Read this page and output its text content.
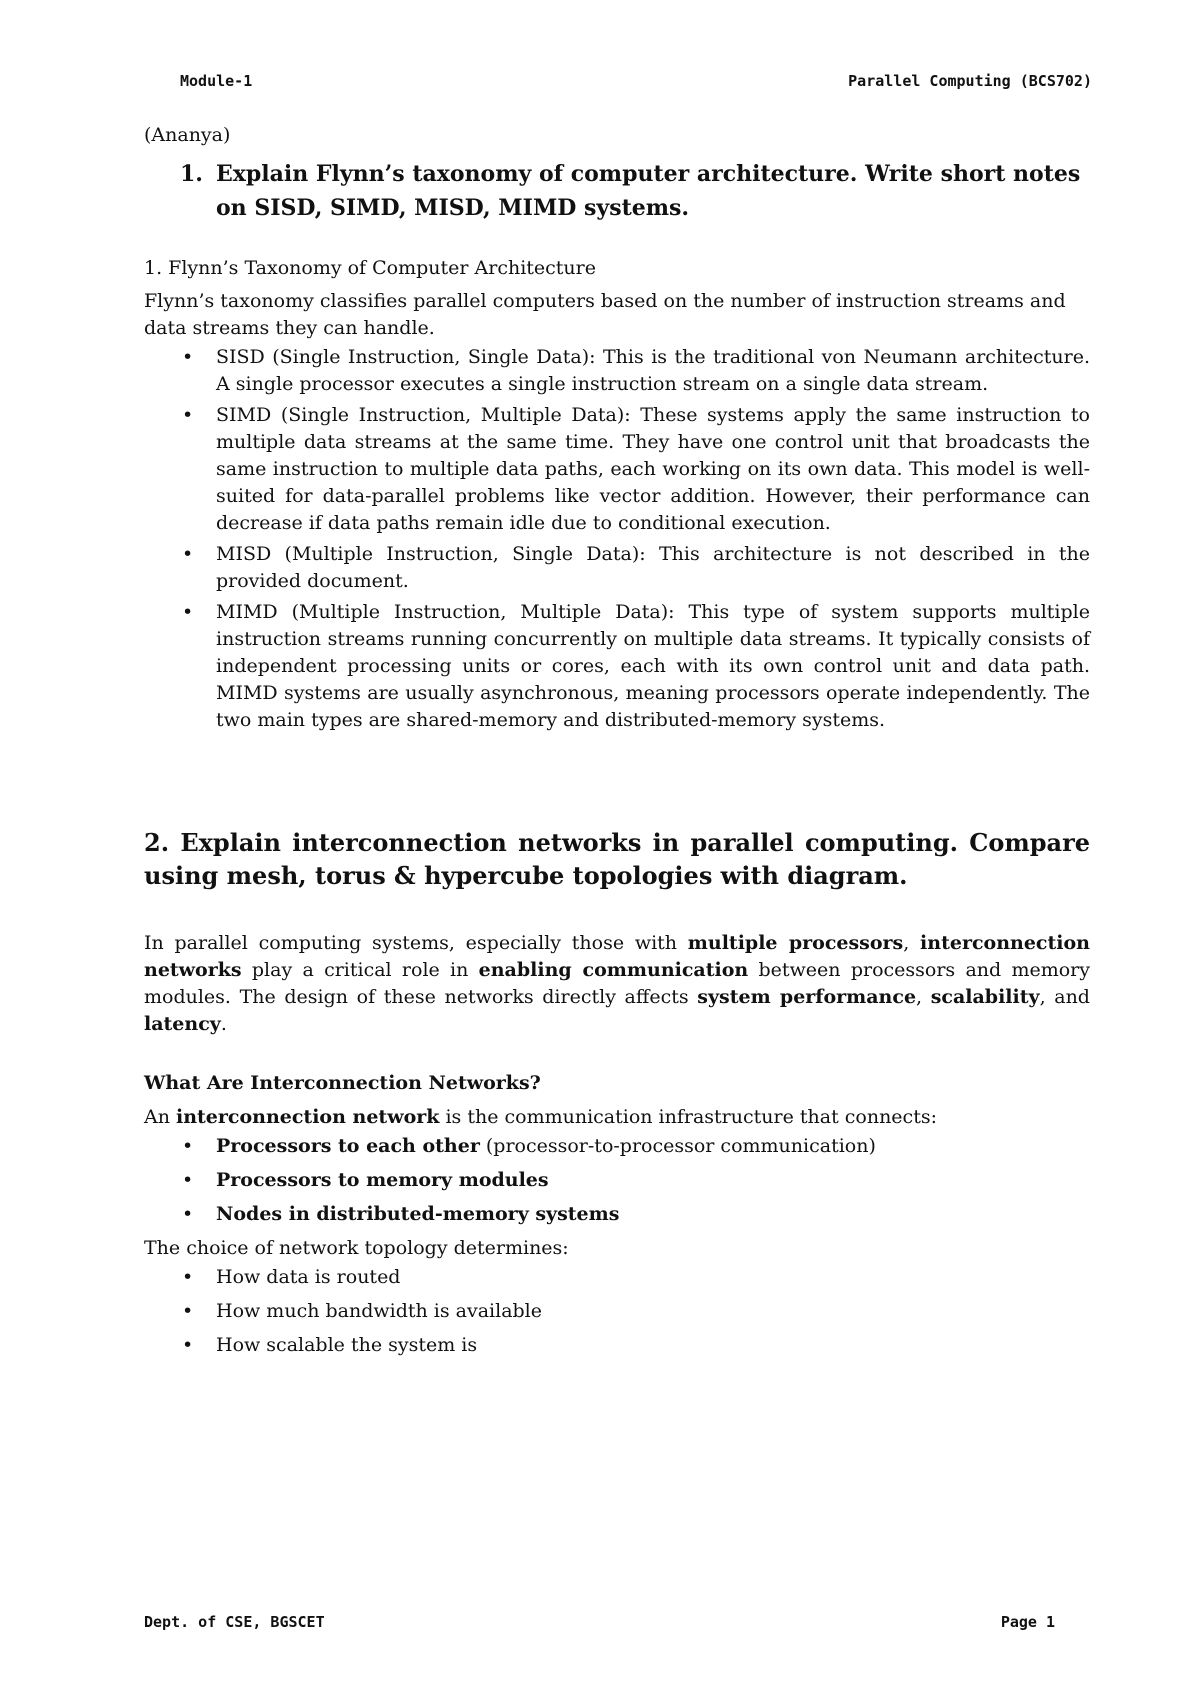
Module-1	Parallel Computing (BCS702)

(Ananya)

1. Explain Flynn’s taxonomy of computer architecture. Write short notes on SISD, SIMD, MISD, MIMD systems.

1. Flynn’s Taxonomy of Computer Architecture

Flynn’s taxonomy classifies parallel computers based on the number of instruction streams and data streams they can handle.

• SISD (Single Instruction, Single Data): This is the traditional von Neumann architecture. A single processor executes a single instruction stream on a single data stream.
• SIMD (Single Instruction, Multiple Data): These systems apply the same instruction to multiple data streams at the same time. They have one control unit that broadcasts the same instruction to multiple data paths, each working on its own data. This model is well-suited for data-parallel problems like vector addition. However, their performance can decrease if data paths remain idle due to conditional execution.
• MISD (Multiple Instruction, Single Data): This architecture is not described in the provided document.
• MIMD (Multiple Instruction, Multiple Data): This type of system supports multiple instruction streams running concurrently on multiple data streams. It typically consists of independent processing units or cores, each with its own control unit and data path. MIMD systems are usually asynchronous, meaning processors operate independently. The two main types are shared-memory and distributed-memory systems.

2. Explain interconnection networks in parallel computing. Compare using mesh, torus & hypercube topologies with diagram.

In parallel computing systems, especially those with multiple processors, interconnection networks play a critical role in enabling communication between processors and memory modules. The design of these networks directly affects system performance, scalability, and latency.

What Are Interconnection Networks?

An interconnection network is the communication infrastructure that connects:

• Processors to each other (processor-to-processor communication)
• Processors to memory modules
• Nodes in distributed-memory systems

The choice of network topology determines:

• How data is routed
• How much bandwidth is available
• How scalable the system is
Dept. of CSE, BGSCET	Page 1
